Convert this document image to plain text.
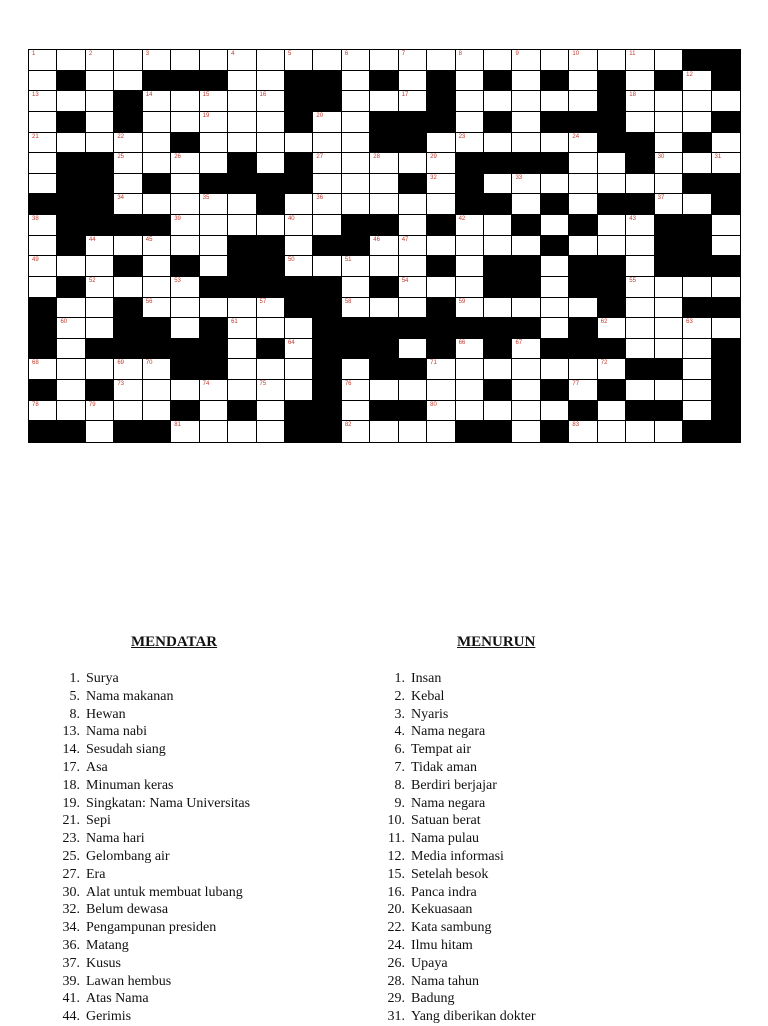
1	2	3	4	5	6	7	8	9	10	11
12
13	14	15	16	17	18
19	20
21	22	23	24
25	26	27	28	29	30	31
32	33
34	35	36	37
38	39	40	42	43
44	45	46	47
49	50	51
52	53	54	55
56	57	58	59
60	61	62	63
64	66	67
68	69	70	71	72
73	74	75	76	77
78	79	80
81	82	83
MENDATAR	MENURUN
1. Surya
5. Nama makanan
8. Hewan
13. Nama nabi
14. Sesudah siang
17. Asa
18. Minuman keras
19. Singkatan: Nama Universitas
21. Sepi
23. Nama hari
25. Gelombang air
27. Era
30. Alat untuk membuat lubang
32. Belum dewasa
34. Pengampunan presiden
36. Matang
37. Kusus
39. Lawan hembus
41. Atas Nama
44. Gerimis
1. Insan
2. Kebal
3. Nyaris
4. Nama negara
6. Tempat air
7. Tidak aman
8. Berdiri berjajar
9. Nama negara
10. Satuan berat
11. Nama pulau
12. Media informasi
15. Setelah besok
16. Panca indra
20. Kekuasaan
22. Kata sambung
24. Ilmu hitam
26. Upaya
28. Nama tahun
29. Badung
31. Yang diberikan dokter
